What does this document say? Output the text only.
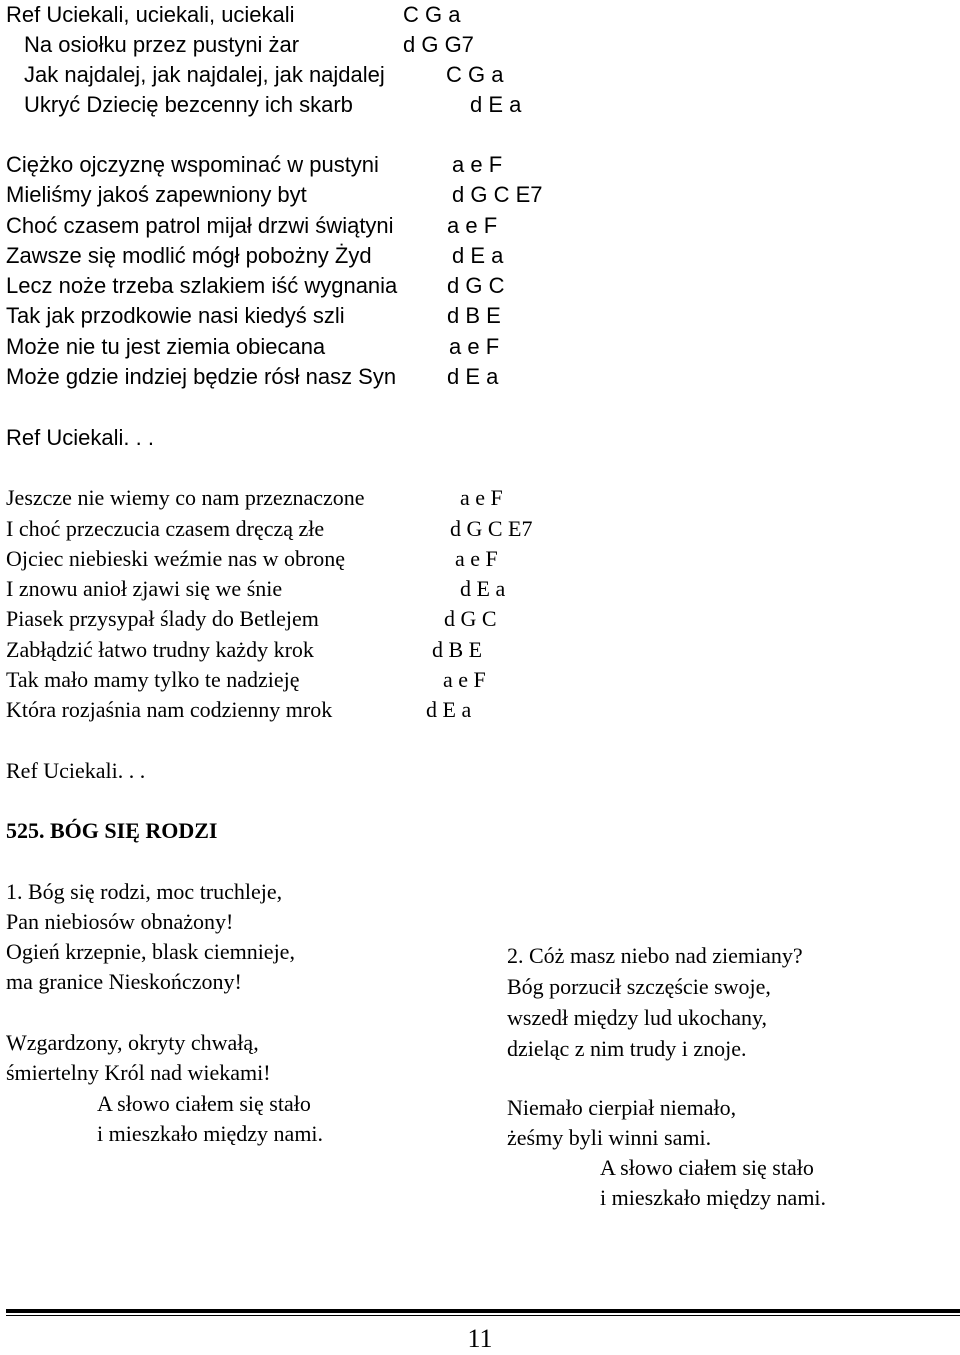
Ref Uciekali, uciekali, uciekali	C G a
Na osiołku przez pustyni żar	d G G7
Jak najdalej, jak najdalej, jak najdalej	C G a
Ukryć Dziecię bezcenny ich skarb	d E a
Ciężko ojczyznę wspominać w pustyni	a e F
Mieliśmy jakoś zapewniony byt	d G C E7
Choć czasem patrol mijał drzwi świątyni a e F
Zawsze się modlić mógł pobożny Żyd	d E a
Lecz noże trzeba szlakiem iść wygnania d G C
Tak jak przodkowie nasi kiedyś szli	d B E
Może nie tu jest ziemia obiecana	a e F
Może gdzie indziej będzie rósł nasz Syn d E a
Ref Uciekali. . .
Jeszcze nie wiemy co nam przeznaczone	a e F
I choć przeczucia czasem dręczą złe	d G C E7
Ojciec niebieski weźmie nas w obronę	a e F
I znowu anioł zjawi się we śnie	d E a
Piasek przysypał ślady do Betlejem	d G C
Zabłądzić łatwo trudny każdy krok	d B E
Tak mało mamy tylko te nadzieję	a e F
Która rozjaśnia nam codzienny mrok	d E a
Ref Uciekali. . .
525. BÓG SIĘ RODZI
1. Bóg się rodzi, moc truchleje,
Pan niebiosów obnażony!
Ogień krzepnie, blask ciemnieje,
ma granice Nieskończony!
Wzgardzony, okryty chwałą,
śmiertelny Król nad wiekami!
A słowo ciałem się stało
i mieszkało między nami.
2. Cóż masz niebo nad ziemiany?
Bóg porzucił szczęście swoje,
wszedł między lud ukochany,
dzieląc z nim trudy i znoje.
Niemało cierpiał niemało,
żeśmy byli winni sami.
A słowo ciałem się stało
i mieszkało między nami.
11
